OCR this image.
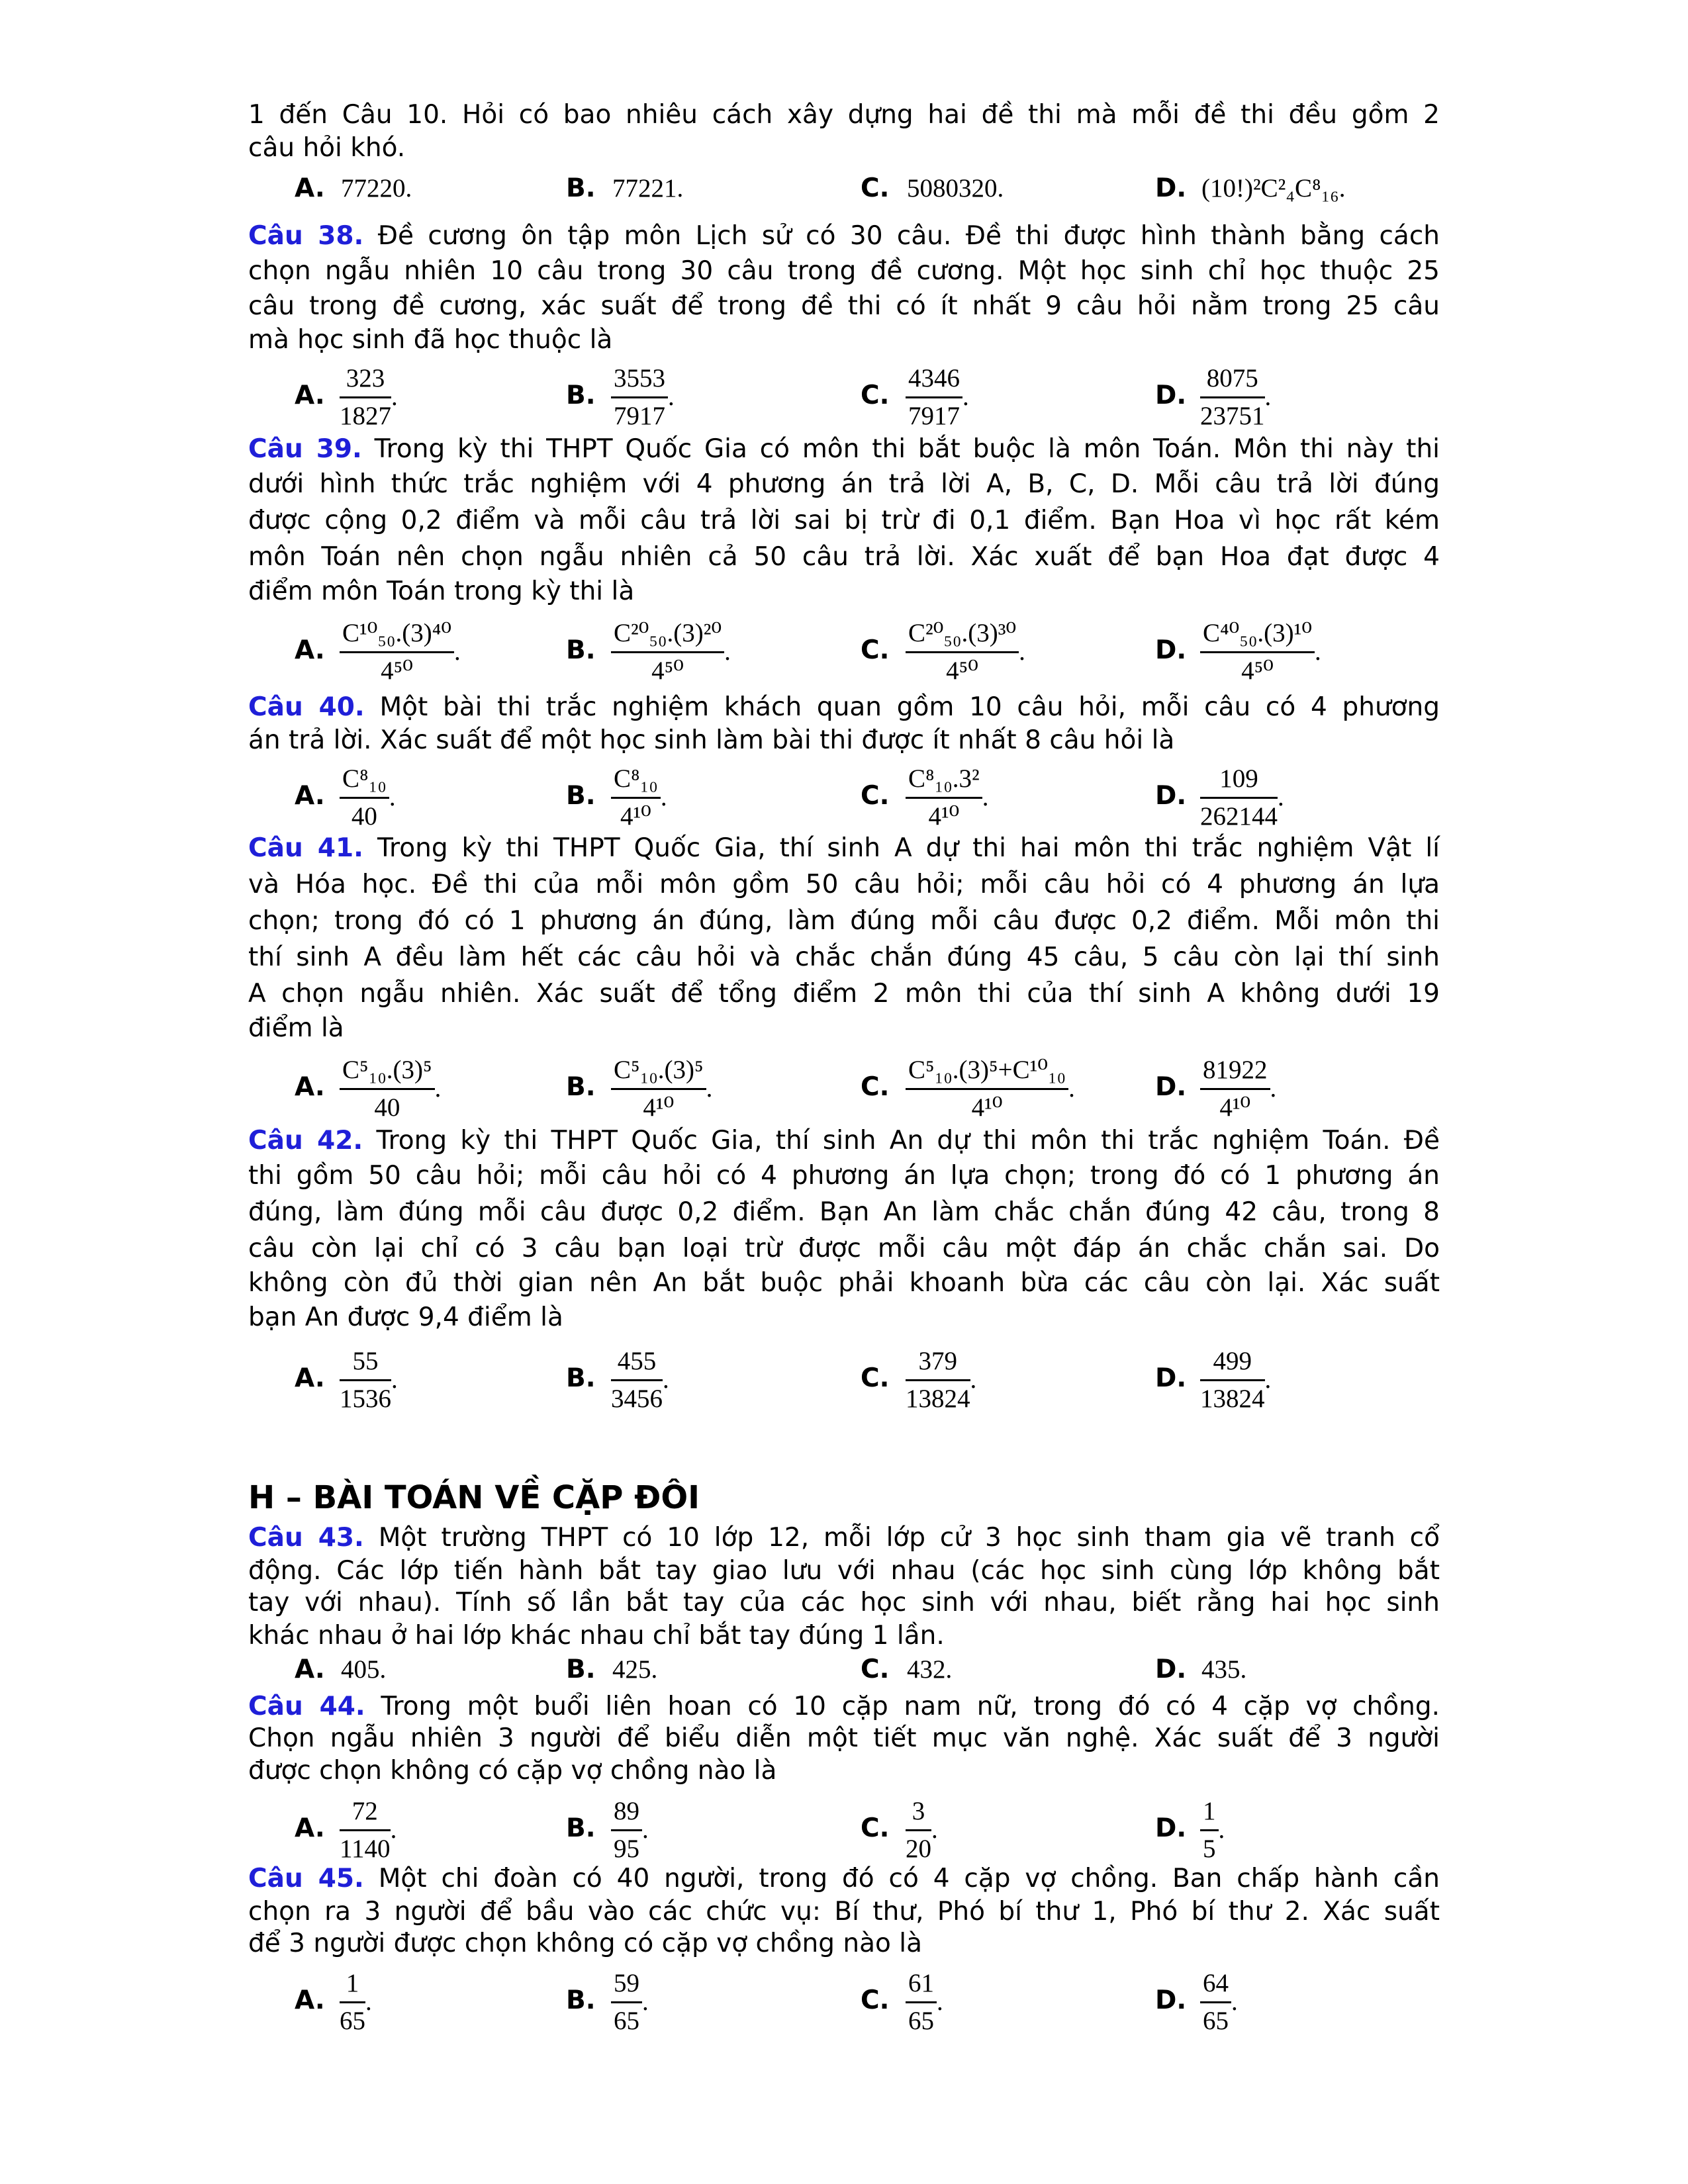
1 đến Câu 10. Hỏi có bao nhiêu cách xây dựng hai đề thi mà mỗi đề thi đều gồm 2
câu hỏi khó.
A. 77220.	B. 77221.	C. 5080320.	D. (10!)²C²₄C⁸₁₆.
Câu 38. Đề cương ôn tập môn Lịch sử có 30 câu. Đề thi được hình thành bằng cách
chọn ngẫu nhiên 10 câu trong 30 câu trong đề cương. Một học sinh chỉ học thuộc 25
câu trong đề cương, xác suất để trong đề thi có ít nhất 9 câu hỏi nằm trong 25 câu
mà học sinh đã học thuộc là
A. $\frac{323}{1827}$ .	B. $\frac{3553}{7917}$ .	C. $\frac{4346}{7917}$ .	D. $\frac{8075}{23751}$ .
Câu 39. Trong kỳ thi THPT Quốc Gia có môn thi bắt buộc là môn Toán. Môn thi này thi
dưới hình thức trắc nghiệm với 4 phương án trả lời A, B, C, D. Mỗi câu trả lời đúng
được cộng 0,2 điểm và mỗi câu trả lời sai bị trừ đi 0,1 điểm. Bạn Hoa vì học rất kém
môn Toán nên chọn ngẫu nhiên cả 50 câu trả lời. Xác xuất để bạn Hoa đạt được 4
điểm môn Toán trong kỳ thi là
A. $\frac{\text{C¹⁰₅₀.(3)⁴⁰}}{\text{4⁵⁰}}$ .	B. $\frac{\text{C²⁰₅₀.(3)²⁰}}{\text{4⁵⁰}}$ .	C. $\frac{\text{C²⁰₅₀.(3)³⁰}}{\text{4⁵⁰}}$ .	D. $\frac{\text{C⁴⁰₅₀.(3)¹⁰}}{\text{4⁵⁰}}$ .
Câu 40. Một bài thi trắc nghiệm khách quan gồm 10 câu hỏi, mỗi câu có 4 phương
án trả lời. Xác suất để một học sinh làm bài thi được ít nhất 8 câu hỏi là
A. $\frac{\text{C⁸₁₀}}{40}$ .	B. $\frac{\text{C⁸₁₀}}{\text{4¹⁰}}$ .	C. $\frac{\text{C⁸₁₀.3²}}{\text{4¹⁰}}$ .	D. $\frac{109}{262144}$ .
Câu 41. Trong kỳ thi THPT Quốc Gia, thí sinh A dự thi hai môn thi trắc nghiệm Vật lí
và Hóa học. Đề thi của mỗi môn gồm 50 câu hỏi; mỗi câu hỏi có 4 phương án lựa
chọn; trong đó có 1 phương án đúng, làm đúng mỗi câu được 0,2 điểm. Mỗi môn thi
thí sinh A đều làm hết các câu hỏi và chắc chắn đúng 45 câu, 5 câu còn lại thí sinh
A chọn ngẫu nhiên. Xác suất để tổng điểm 2 môn thi của thí sinh A không dưới 19
điểm là
A. $\frac{\text{C⁵₁₀.(3)⁵}}{40}$ .	B. $\frac{\text{C⁵₁₀.(3)⁵}}{\text{4¹⁰}}$ .	C. $\frac{\text{C⁵₁₀.(3)⁵+C¹⁰₁₀}}{\text{4¹⁰}}$ .	D. $\frac{81922}{\text{4¹⁰}}$ .
Câu 42. Trong kỳ thi THPT Quốc Gia, thí sinh An dự thi môn thi trắc nghiệm Toán. Đề
thi gồm 50 câu hỏi; mỗi câu hỏi có 4 phương án lựa chọn; trong đó có 1 phương án
đúng, làm đúng mỗi câu được 0,2 điểm. Bạn An làm chắc chắn đúng 42 câu, trong 8
câu còn lại chỉ có 3 câu bạn loại trừ được mỗi câu một đáp án chắc chắn sai. Do
không còn đủ thời gian nên An bắt buộc phải khoanh bừa các câu còn lại. Xác suất
bạn An được 9,4 điểm là
A. $\frac{55}{1536}$ .	B. $\frac{455}{3456}$ .	C. $\frac{379}{13824}$ .	D. $\frac{499}{13824}$ .
H – BÀI TOÁN VỀ CẶP ĐÔI
Câu 43. Một trường THPT có 10 lớp 12, mỗi lớp cử 3 học sinh tham gia vẽ tranh cổ
động. Các lớp tiến hành bắt tay giao lưu với nhau (các học sinh cùng lớp không bắt
tay với nhau). Tính số lần bắt tay của các học sinh với nhau, biết rằng hai học sinh
khác nhau ở hai lớp khác nhau chỉ bắt tay đúng 1 lần.
A. 405.	B. 425.	C. 432.	D. 435.
Câu 44. Trong một buổi liên hoan có 10 cặp nam nữ, trong đó có 4 cặp vợ chồng.
Chọn ngẫu nhiên 3 người để biểu diễn một tiết mục văn nghệ. Xác suất để 3 người
được chọn không có cặp vợ chồng nào là
A. $\frac{72}{1140}$ .	B. $\frac{89}{95}$ .	C. $\frac{3}{20}$ .	D. $\frac{1}{5}$ .
Câu 45. Một chi đoàn có 40 người, trong đó có 4 cặp vợ chồng. Ban chấp hành cần
chọn ra 3 người để bầu vào các chức vụ: Bí thư, Phó bí thư 1, Phó bí thư 2. Xác suất
để 3 người được chọn không có cặp vợ chồng nào là
A. $\frac{1}{65}$ .	B. $\frac{59}{65}$ .	C. $\frac{61}{65}$ .	D. $\frac{64}{65}$ .
